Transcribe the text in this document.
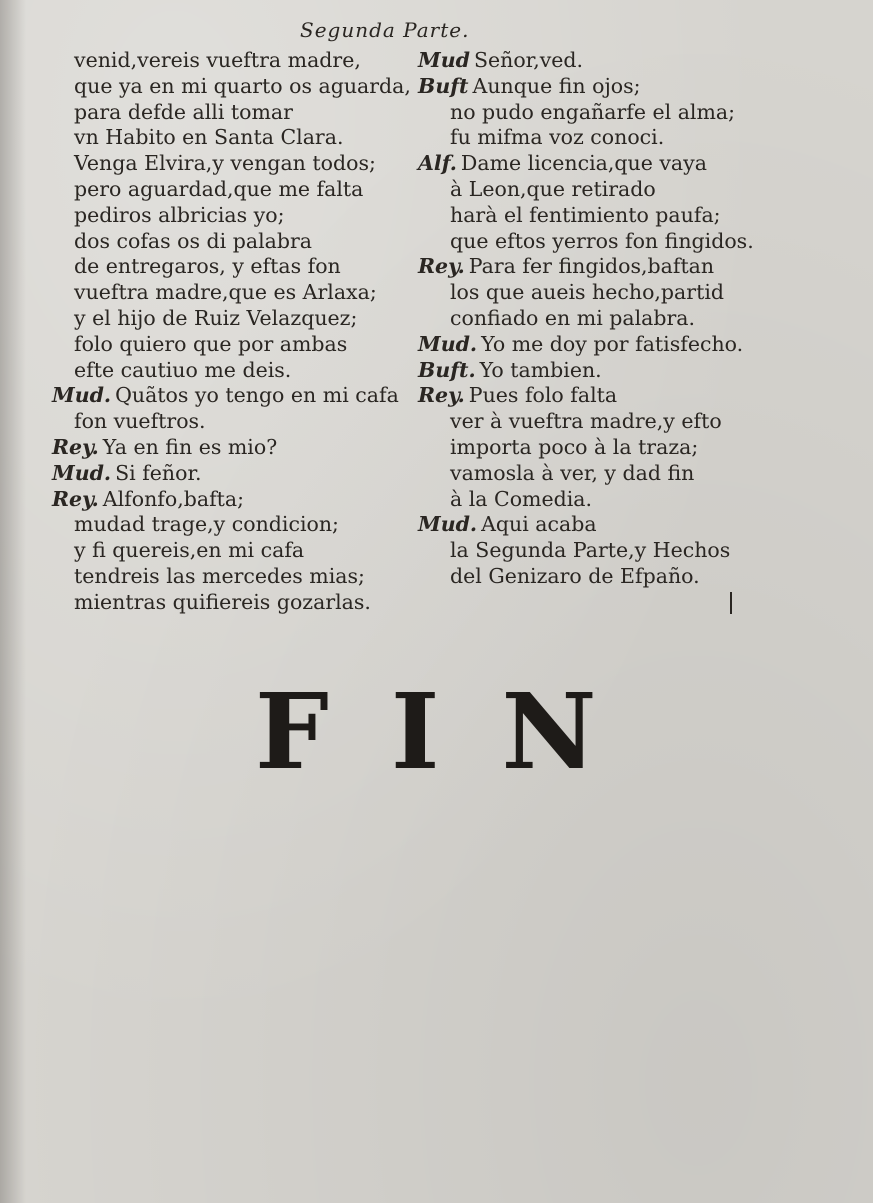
Segunda Parte.
venid,vereis vueftra madre,
que ya en mi quarto os aguarda,
para defde alli tomar
vn Habito en Santa Clara.
Venga Elvira,y vengan todos;
pero aguardad,que me falta
pediros albricias yo;
dos cofas os di palabra
de entregaros, y eftas fon
vueftra madre,que es Arlaxa;
y el hijo de Ruiz Velazquez;
folo quiero que por ambas
efte cautiuo me deis.
Mud. Quãtos yo tengo en mi cafa
fon vueftros.
Rey. Ya en fin es mio?
Mud. Si feñor.
Rey. Alfonfo,bafta;
mudad trage,y condicion;
y fi quereis,en mi cafa
tendreis las mercedes mias;
mientras quifiereis gozarlas.
Mud Señor,ved.
Buft Aunque fin ojos;
no pudo engañarfe el alma;
fu mifma voz conoci.
Alf. Dame licencia,que vaya
à Leon,que retirado
harà el fentimiento paufa;
que eftos yerros fon fingidos.
Rey. Para fer fingidos,baftan
los que aueis hecho,partid
confiado en mi palabra.
Mud. Yo me doy por fatisfecho.
Buft. Yo tambien.
Rey. Pues folo falta
ver à vueftra madre,y efto
importa poco à la traza;
vamosla à ver, y dad fin
à la Comedia.
Mud. Aqui acaba
la Segunda Parte,y Hechos
del Genizaro de Efpaño.
FIN
